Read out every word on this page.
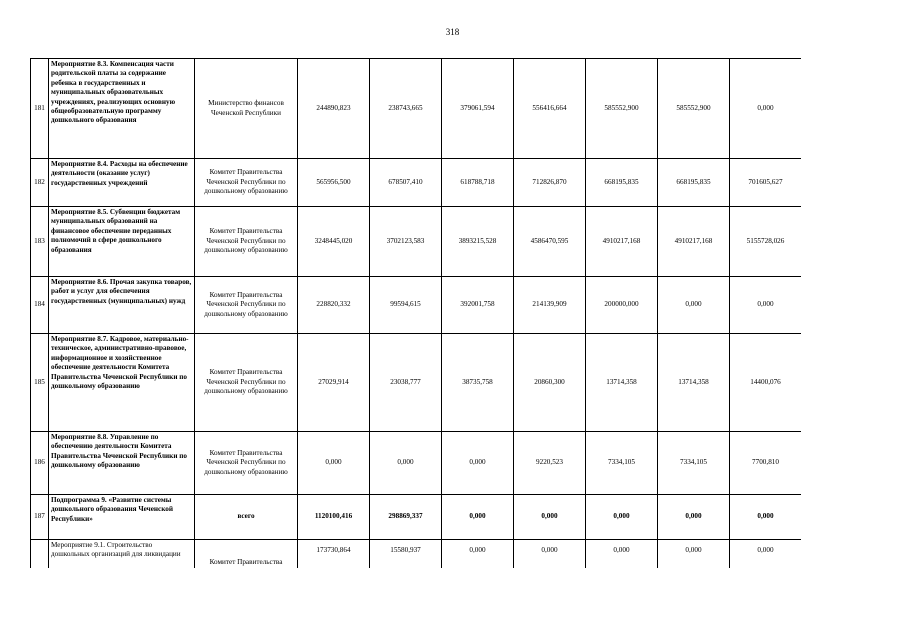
318
181	Мероприятие 8.3. Компенсация части родительской платы за содержание ребенка в государственных и муниципальных образовательных учреждениях, реализующих основную общеобразовательную программу дошкольного образования	Министерство финансов Чеченской Республики	244890,823	238743,665	379061,594	556416,664	585552,900	585552,900	0,000
182	Мероприятие 8.4. Расходы на обеспечение деятельности (оказание услуг) государственных учреждений	Комитет Правительства Чеченской Республики по дошкольному образованию	565956,500	678507,410	618788,718	712826,870	668195,835	668195,835	701605,627
183	Мероприятие 8.5. Субвенции бюджетам муниципальных образований на финансовое обеспечение переданных полномочий в сфере дошкольного образования	Комитет Правительства Чеченской Республики по дошкольному образованию	3248445,020	3702123,583	3893215,528	4586470,595	4910217,168	4910217,168	5155728,026
184	Мероприятие 8.6. Прочая закупка товаров, работ и услуг для обеспечения государственных (муниципальных) нужд	Комитет Правительства Чеченской Республики по дошкольному образованию	228820,332	99594,615	392001,758	214139,909	200000,000	0,000	0,000
185	Мероприятие 8.7. Кадровое, материально-техническое, административно-правовое, информационное и хозяйственное обеспечение деятельности Комитета Правительства Чеченской Республики по дошкольному образованию	Комитет Правительства Чеченской Республики по дошкольному образованию	27029,914	23038,777	38735,758	20860,300	13714,358	13714,358	14400,076
186	Мероприятие 8.8. Управление по обеспечению деятельности Комитета Правительства Чеченской Республики по дошкольному образованию	Комитет Правительства Чеченской Республики по дошкольному образованию	0,000	0,000	0,000	9220,523	7334,105	7334,105	7700,810
187	Подпрограмма 9. «Развитие системы дошкольного образования Чеченской Республики»	всего	1120100,416	298869,337	0,000	0,000	0,000	0,000	0,000
	Мероприятие 9.1. Строительство дошкольных организаций для ликвидации	Комитет Правительства	173730,864	15580,937	0,000	0,000	0,000	0,000	0,000
